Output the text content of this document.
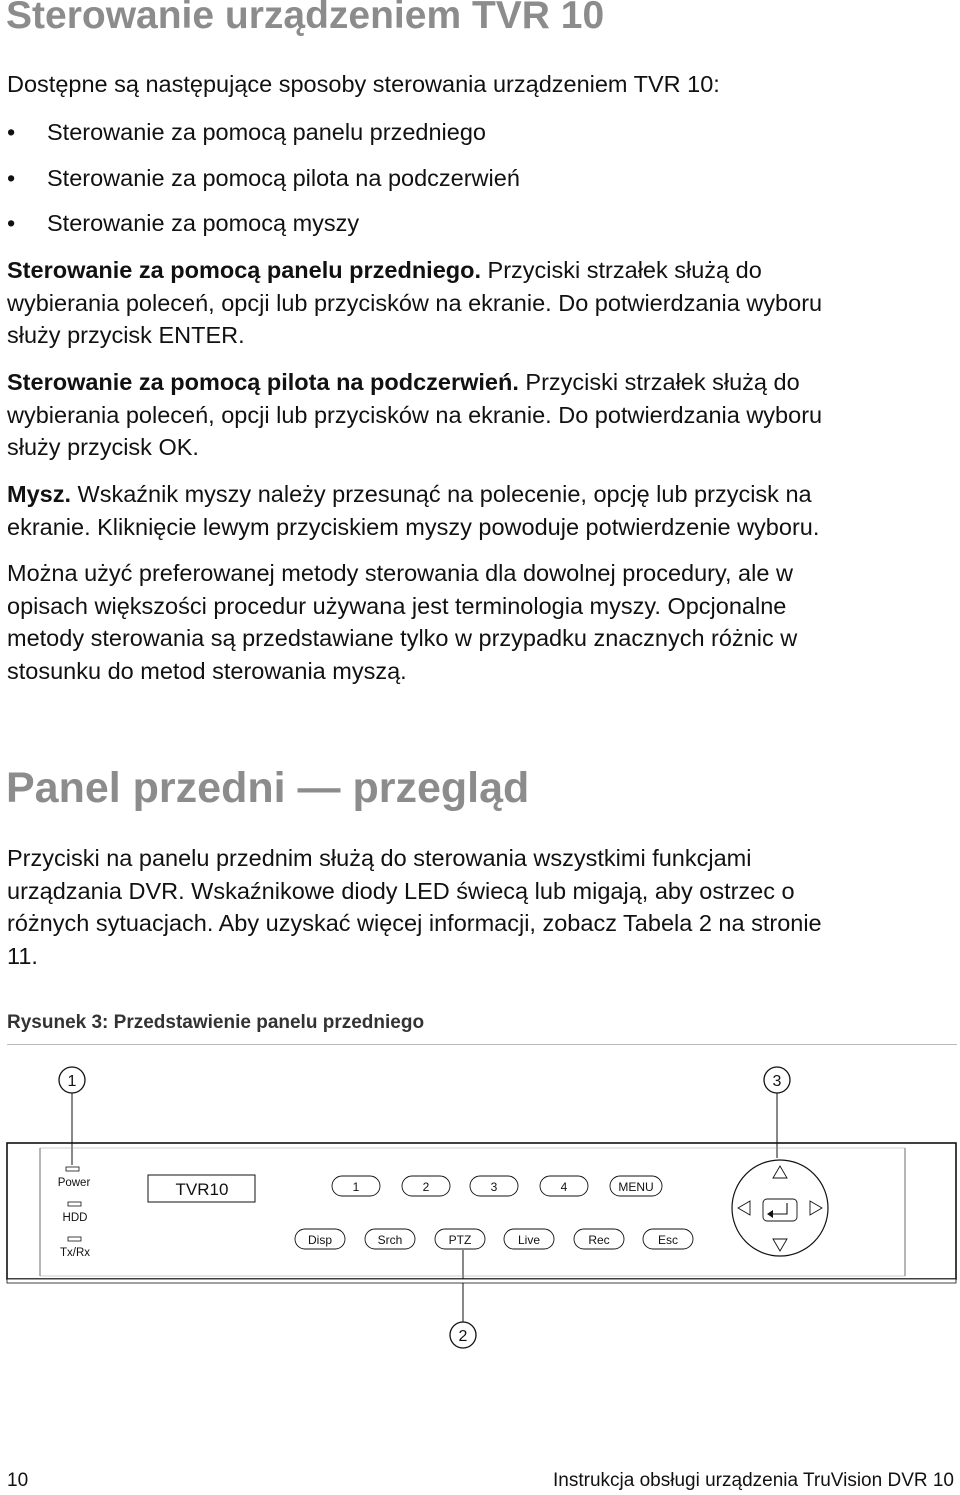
Sterowanie urządzeniem TVR 10

Dostępne są następujące sposoby sterowania urządzeniem TVR 10:

• Sterowanie za pomocą panelu przedniego
• Sterowanie za pomocą pilota na podczerwień
• Sterowanie za pomocą myszy

Sterowanie za pomocą panelu przedniego. Przyciski strzałek służą do
wybierania poleceń, opcji lub przycisków na ekranie. Do potwierdzania wyboru
służy przycisk ENTER.

Sterowanie za pomocą pilota na podczerwień. Przyciski strzałek służą do
wybierania poleceń, opcji lub przycisków na ekranie. Do potwierdzania wyboru
służy przycisk OK.

Mysz. Wskaźnik myszy należy przesunąć na polecenie, opcję lub przycisk na
ekranie. Kliknięcie lewym przyciskiem myszy powoduje potwierdzenie wyboru.

Można użyć preferowanej metody sterowania dla dowolnej procedury, ale w
opisach większości procedur używana jest terminologia myszy. Opcjonalne
metody sterowania są przedstawiane tylko w przypadku znacznych różnic w
stosunku do metod sterowania myszą.

Panel przedni — przegląd

Przyciski na panelu przednim służą do sterowania wszystkimi funkcjami
urządzania DVR. Wskaźnikowe diody LED świecą lub migają, aby ostrzec o
różnych sytuacjach. Aby uzyskać więcej informacji, zobacz Tabela 2 na stronie
11.

Rysunek 3: Przedstawienie panelu przedniego

1	3
2
Power
HDD
Tx/Rx
TVR10	1	2	3	4	MENU
Disp	Srch	PTZ	Live	Rec	Esc

10	Instrukcja obsługi urządzenia TruVision DVR 10
